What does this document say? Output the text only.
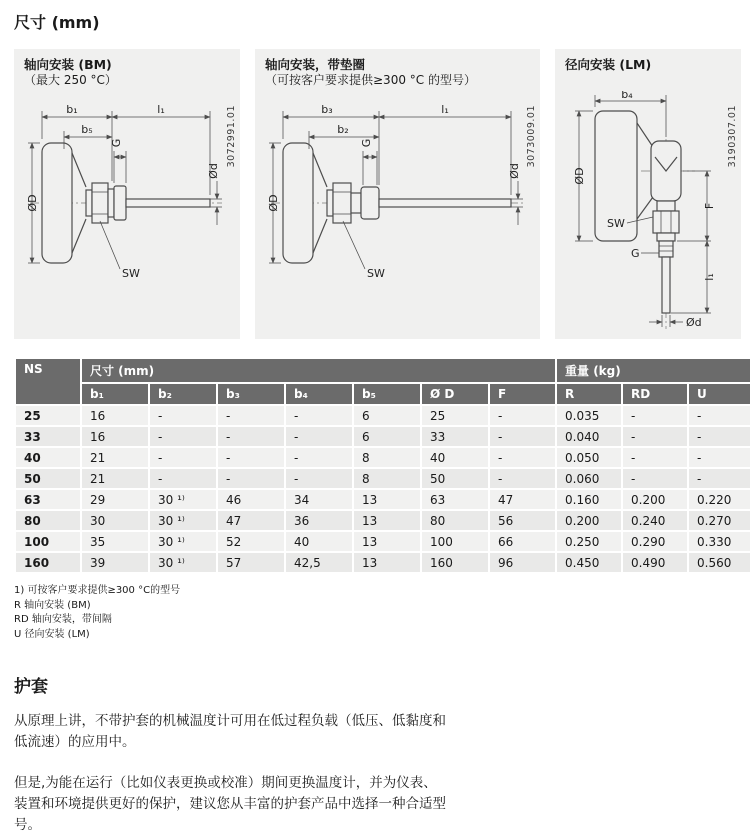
尺寸 (mm)

轴向安装 (BM)

（最大 250 °C）

3072991.01
b₁	l₁
b₅
ØD
G
Ød
SW

轴向安装，带垫圈

（可按客户要求提供≥300 °C 的型号）

3073009.01
b₃	l₁
b₂
ØD
G
Ød
SW

径向安装 (LM)

3190307.01
b₄
ØD
F
l₁
Ød
SW
G
NS	尺寸 (mm)							重量 (kg)		
	b₁	b₂	b₃	b₄	b₅	Ø D	F	R	RD	U
25	16	-	-	-	6	25	-	0.035	-	-
33	16	-	-	-	6	33	-	0.040	-	-
40	21	-	-	-	8	40	-	0.050	-	-
50	21	-	-	-	8	50	-	0.060	-	-
63	29	30 ¹⁾	46	34	13	63	47	0.160	0.200	0.220
80	30	30 ¹⁾	47	36	13	80	56	0.200	0.240	0.270
100	35	30 ¹⁾	52	40	13	100	66	0.250	0.290	0.330
160	39	30 ¹⁾	57	42,5	13	160	96	0.450	0.490	0.560
1) 可按客户要求提供≥300 °C的型号
R 轴向安装 (BM)
RD 轴向安装，带间隔
U 径向安装 (LM)
护套

从原理上讲，不带护套的机械温度计可用在低过程负载（低压、低黏度和低流速）的应用中。

但是,为能在运行（比如仪表更换或校准）期间更换温度计，并为仪表、装置和环境提供更好的保护，建议您从丰富的护套产品中选择一种合适型号。
